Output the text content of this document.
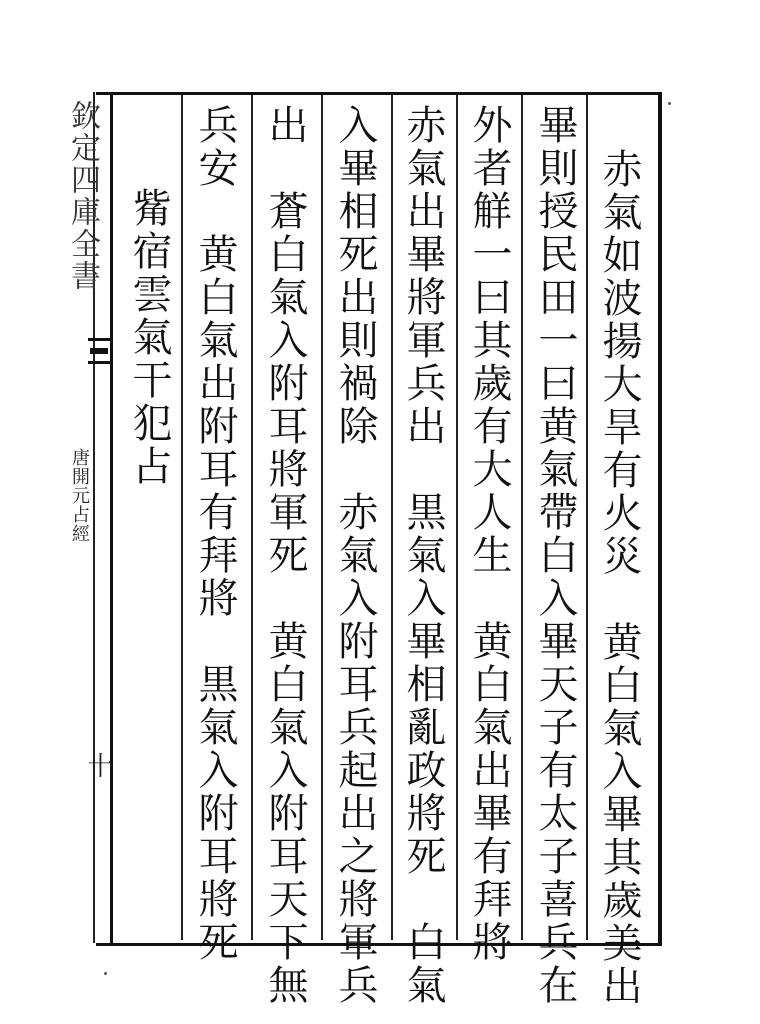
欽定四庫全書
唐開元占經
十	赤氣如波揚大旱有火災　黄白氣入畢其歲美出
畢則授民田一曰黄氣帶白入畢天子有太子喜兵在
外者觧一曰其歲有大人生　黄白氣出畢有拜將
赤氣出畢將軍兵出　黒氣入畢相亂政將死　白氣
入畢相死出則禍除　赤氣入附耳兵起出之將軍兵
出　蒼白氣入附耳將軍死　黄白氣入附耳天下無
兵安　黄白氣出附耳有拜將　黒氣入附耳將死
　觜宿雲氣干犯占
